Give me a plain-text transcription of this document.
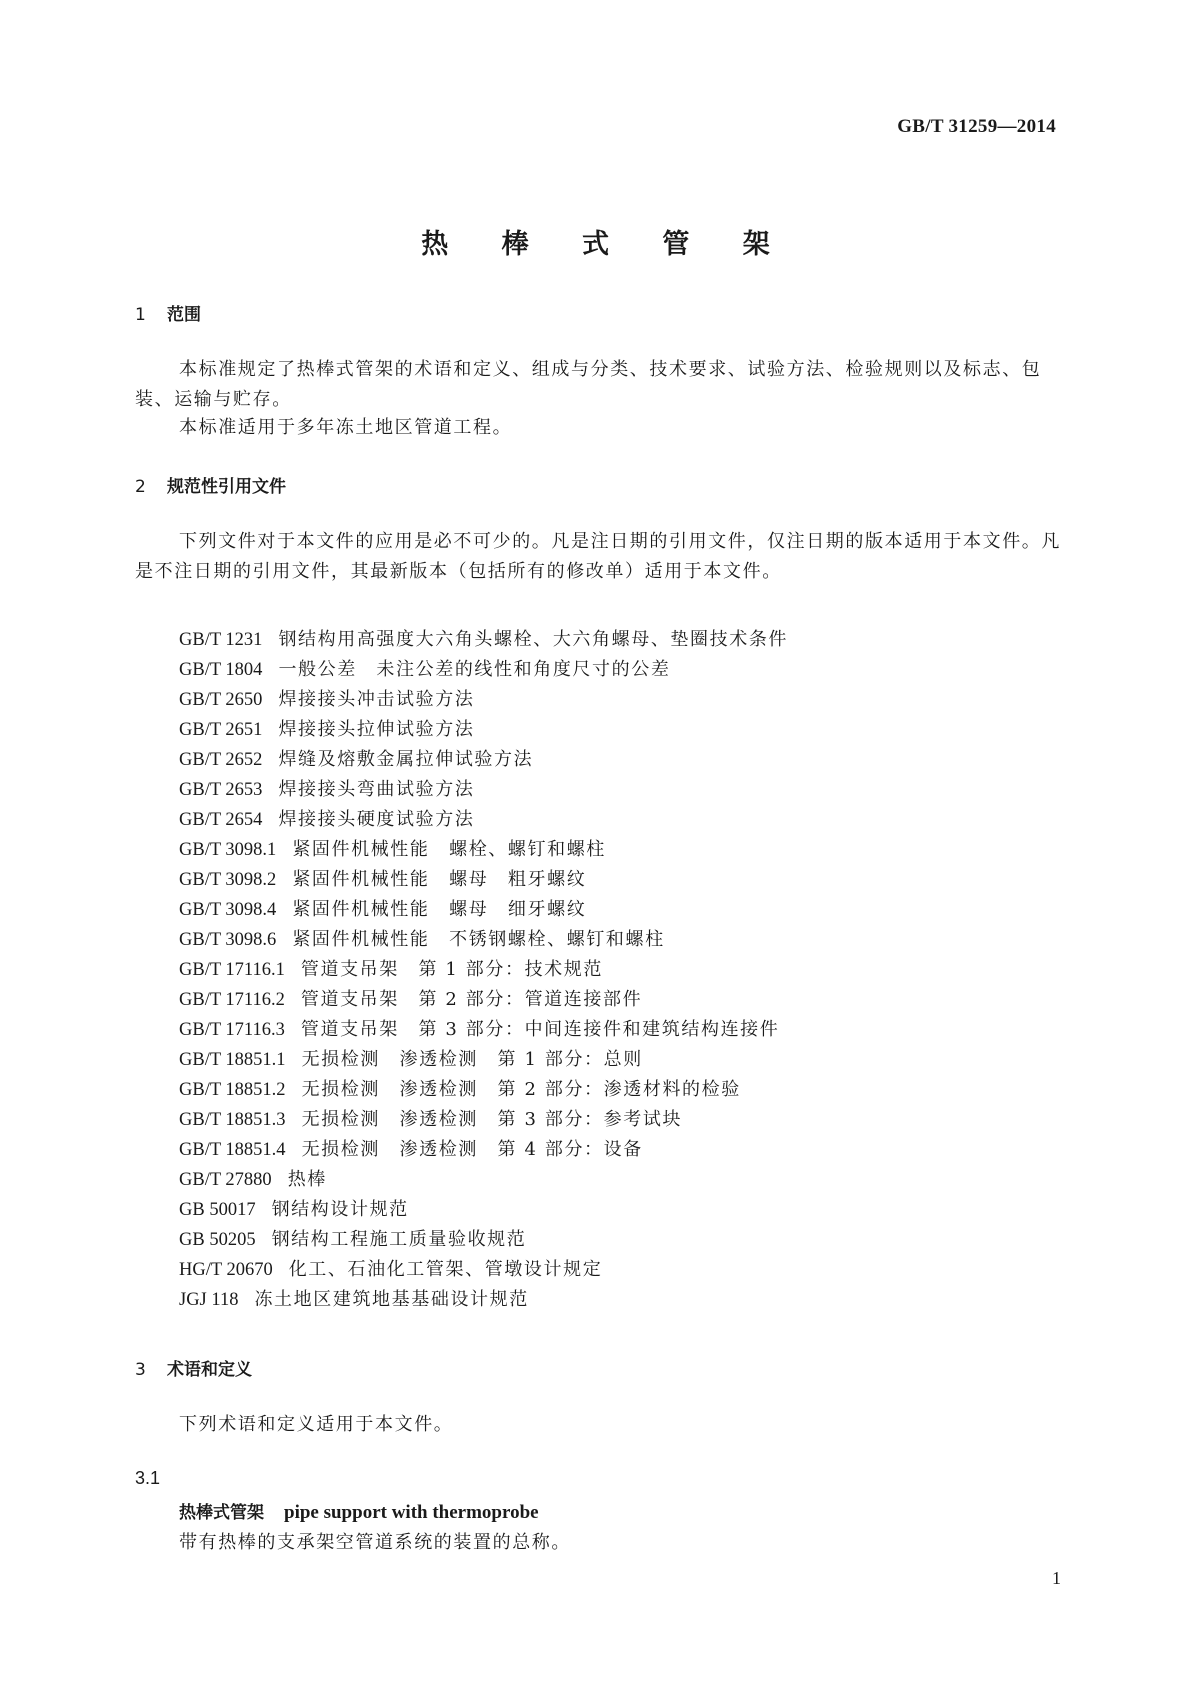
GB/T 31259—2014
热 棒 式 管 架
1 范围
本标准规定了热棒式管架的术语和定义、组成与分类、技术要求、试验方法、检验规则以及标志、包装、运输与贮存。
本标准适用于多年冻土地区管道工程。
2 规范性引用文件
下列文件对于本文件的应用是必不可少的。凡是注日期的引用文件，仅注日期的版本适用于本文件。凡是不注日期的引用文件，其最新版本（包括所有的修改单）适用于本文件。
GB/T 1231 钢结构用高强度大六角头螺栓、大六角螺母、垫圈技术条件
GB/T 1804 一般公差　未注公差的线性和角度尺寸的公差
GB/T 2650 焊接接头冲击试验方法
GB/T 2651 焊接接头拉伸试验方法
GB/T 2652 焊缝及熔敷金属拉伸试验方法
GB/T 2653 焊接接头弯曲试验方法
GB/T 2654 焊接接头硬度试验方法
GB/T 3098.1 紧固件机械性能　螺栓、螺钉和螺柱
GB/T 3098.2 紧固件机械性能　螺母　粗牙螺纹
GB/T 3098.4 紧固件机械性能　螺母　细牙螺纹
GB/T 3098.6 紧固件机械性能　不锈钢螺栓、螺钉和螺柱
GB/T 17116.1 管道支吊架　第 1 部分：技术规范
GB/T 17116.2 管道支吊架　第 2 部分：管道连接部件
GB/T 17116.3 管道支吊架　第 3 部分：中间连接件和建筑结构连接件
GB/T 18851.1 无损检测　渗透检测　第 1 部分：总则
GB/T 18851.2 无损检测　渗透检测　第 2 部分：渗透材料的检验
GB/T 18851.3 无损检测　渗透检测　第 3 部分：参考试块
GB/T 18851.4 无损检测　渗透检测　第 4 部分：设备
GB/T 27880 热棒
GB 50017 钢结构设计规范
GB 50205 钢结构工程施工质量验收规范
HG/T 20670 化工、石油化工管架、管墩设计规定
JGJ 118 冻土地区建筑地基基础设计规范
3 术语和定义
下列术语和定义适用于本文件。
3.1
热棒式管架 pipe support with thermoprobe
带有热棒的支承架空管道系统的装置的总称。
1
